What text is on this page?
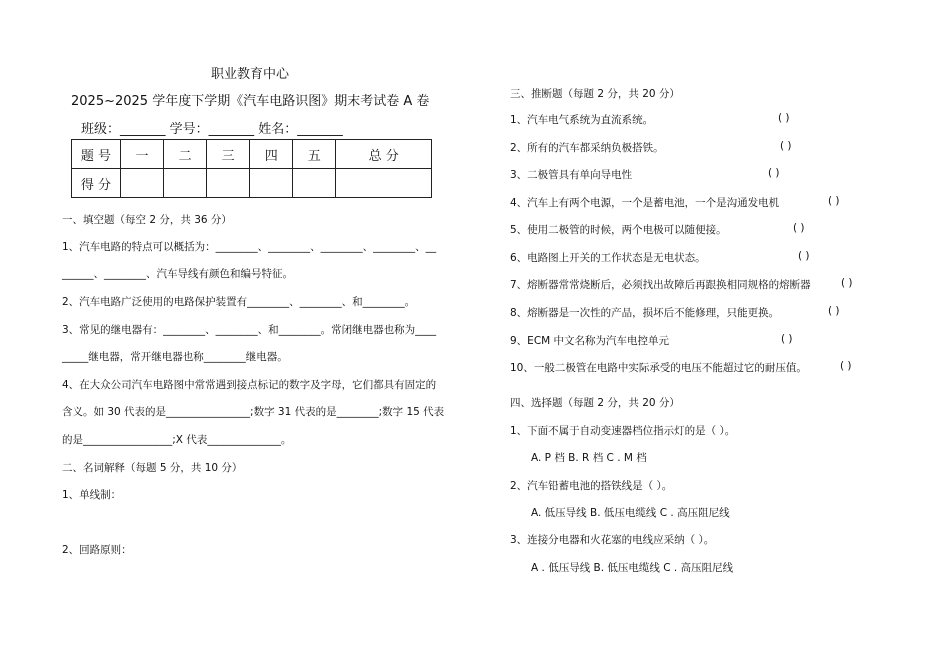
职业教育中心
2025~2025 学年度下学期《汽车电路识图》期末考试卷 A 卷
班级：_______ 学号：_______ 姓名：_______
题 号	一	二	三	四	五	总 分
得 分						
一、填空题（每空 2 分，共 36 分）
1、汽车电路的特点可以概括为：________、________、________、________、__
______、________、汽车导线有颜色和编号特征。
2、汽车电路广泛使用的电路保护装置有________、________、和________。
3、常见的继电器有：________、________、和________。常闭继电器也称为____
_____继电器，常开继电器也称________继电器。
4、在大众公司汽车电路图中常常遇到接点标记的数字及字母，它们都具有固定的
含义。如 30 代表的是________________;数字 31 代表的是________;数字 15 代表
的是_________________;X 代表______________。
二、名词解释（每题 5 分，共 10 分）
1、单线制：
2、回路原则：
三、推断题（每题 2 分，共 20 分）
1、汽车电气系统为直流系统。	( )
2、所有的汽车都采纳负极搭铁。	( )
3、二极管具有单向导电性	( )
4、汽车上有两个电源，一个是蓄电池，一个是沟通发电机	( )
5、使用二极管的时候，两个电极可以随便接。	( )
6、电路图上开关的工作状态是无电状态。	( )
7、熔断器常常烧断后，必须找出故障后再跟换相同规格的熔断器	( )
8、熔断器是一次性的产品，损坏后不能修理，只能更换。	( )
9、ECM 中文名称为汽车电控单元	( )
10、一般二极管在电路中实际承受的电压不能超过它的耐压值。	( )
四、选择题（每题 2 分，共 20 分）
1、下面不属于自动变速器档位指示灯的是（ ）。
A. P 档 B. R 档 C . M 档
2、汽车铅蓄电池的搭铁线是（ ）。
A. 低压导线 B. 低压电缆线 C . 高压阻尼线
3、连接分电器和火花塞的电线应采纳（ ）。
A . 低压导线 B. 低压电缆线 C . 高压阻尼线
